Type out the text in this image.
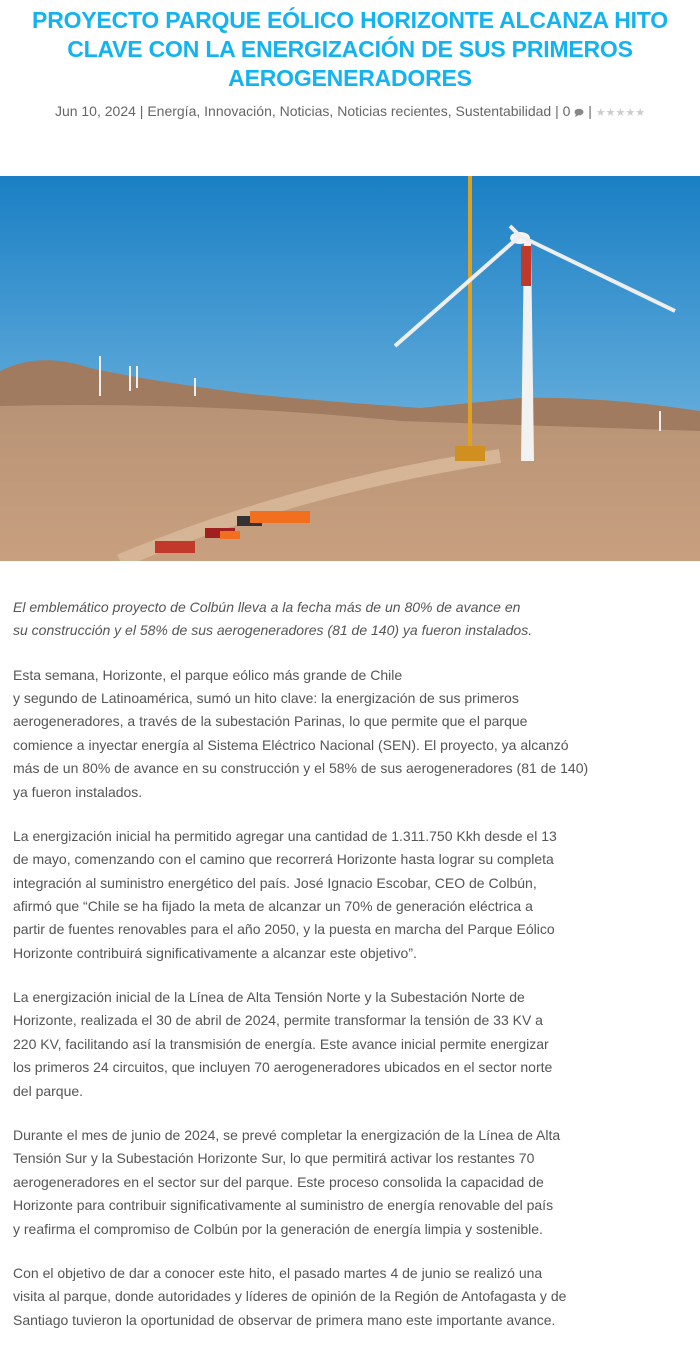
PROYECTO PARQUE EÓLICO HORIZONTE ALCANZA HITO
CLAVE CON LA ENERGIZACIÓN DE SUS PRIMEROS
AEROGENERADORES
Jun 10, 2024 | Energía, Innovación, Noticias, Noticias recientes, Sustentabilidad | 0  | ★★★★★

El emblemático proyecto de Colbún lleva a la fecha más de un 80% de avance en
su construcción y el 58% de sus aerogeneradores (81 de 140) ya fueron instalados.

Esta semana, Horizonte, el parque eólico más grande de Chile
y segundo de Latinoamérica, sumó un hito clave: la energización de sus primeros
aerogeneradores, a través de la subestación Parinas, lo que permite que el parque
comience a inyectar energía al Sistema Eléctrico Nacional (SEN). El proyecto, ya alcanzó
más de un 80% de avance en su construcción y el 58% de sus aerogeneradores (81 de 140)
ya fueron instalados.

La energización inicial ha permitido agregar una cantidad de 1.311.750 Kkh desde el 13
de mayo, comenzando con el camino que recorrerá Horizonte hasta lograr su completa
integración al suministro energético del país. José Ignacio Escobar, CEO de Colbún,
afirmó que “Chile se ha fijado la meta de alcanzar un 70% de generación eléctrica a
partir de fuentes renovables para el año 2050, y la puesta en marcha del Parque Eólico
Horizonte contribuirá significativamente a alcanzar este objetivo”.

La energización inicial de la Línea de Alta Tensión Norte y la Subestación Norte de
Horizonte, realizada el 30 de abril de 2024, permite transformar la tensión de 33 KV a
220 KV, facilitando así la transmisión de energía. Este avance inicial permite energizar
los primeros 24 circuitos, que incluyen 70 aerogeneradores ubicados en el sector norte
del parque.

Durante el mes de junio de 2024, se prevé completar la energización de la Línea de Alta
Tensión Sur y la Subestación Horizonte Sur, lo que permitirá activar los restantes 70
aerogeneradores en el sector sur del parque. Este proceso consolida la capacidad de
Horizonte para contribuir significativamente al suministro de energía renovable del país
y reafirma el compromiso de Colbún por la generación de energía limpia y sostenible.

Con el objetivo de dar a conocer este hito, el pasado martes 4 de junio se realizó una
visita al parque, donde autoridades y líderes de opinión de la Región de Antofagasta y de
Santiago tuvieron la oportunidad de observar de primera mano este importante avance.
